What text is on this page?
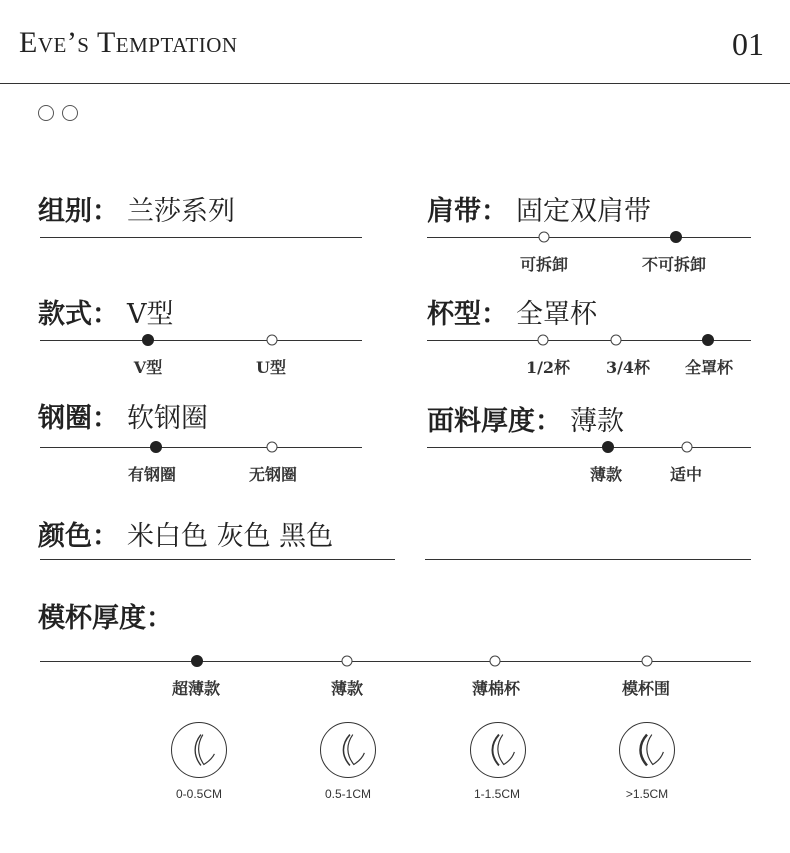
Eve’s Temptation	01
组别： 兰莎系列	肩带： 固定双肩带
可拆卸	不可拆卸
款式： V型
V型	U型
杯型： 全罩杯
1/2杯 3/4杯 全罩杯
钢圈： 软钢圈
有钢圈	无钢圈
面料厚度： 薄款
薄款	适中
颜色： 米白色 灰色 黑色
模杯厚度：
超薄款	薄款	薄棉杯	模杯围
0-0.5CM	0.5-1CM	1-1.5CM	>1.5CM
